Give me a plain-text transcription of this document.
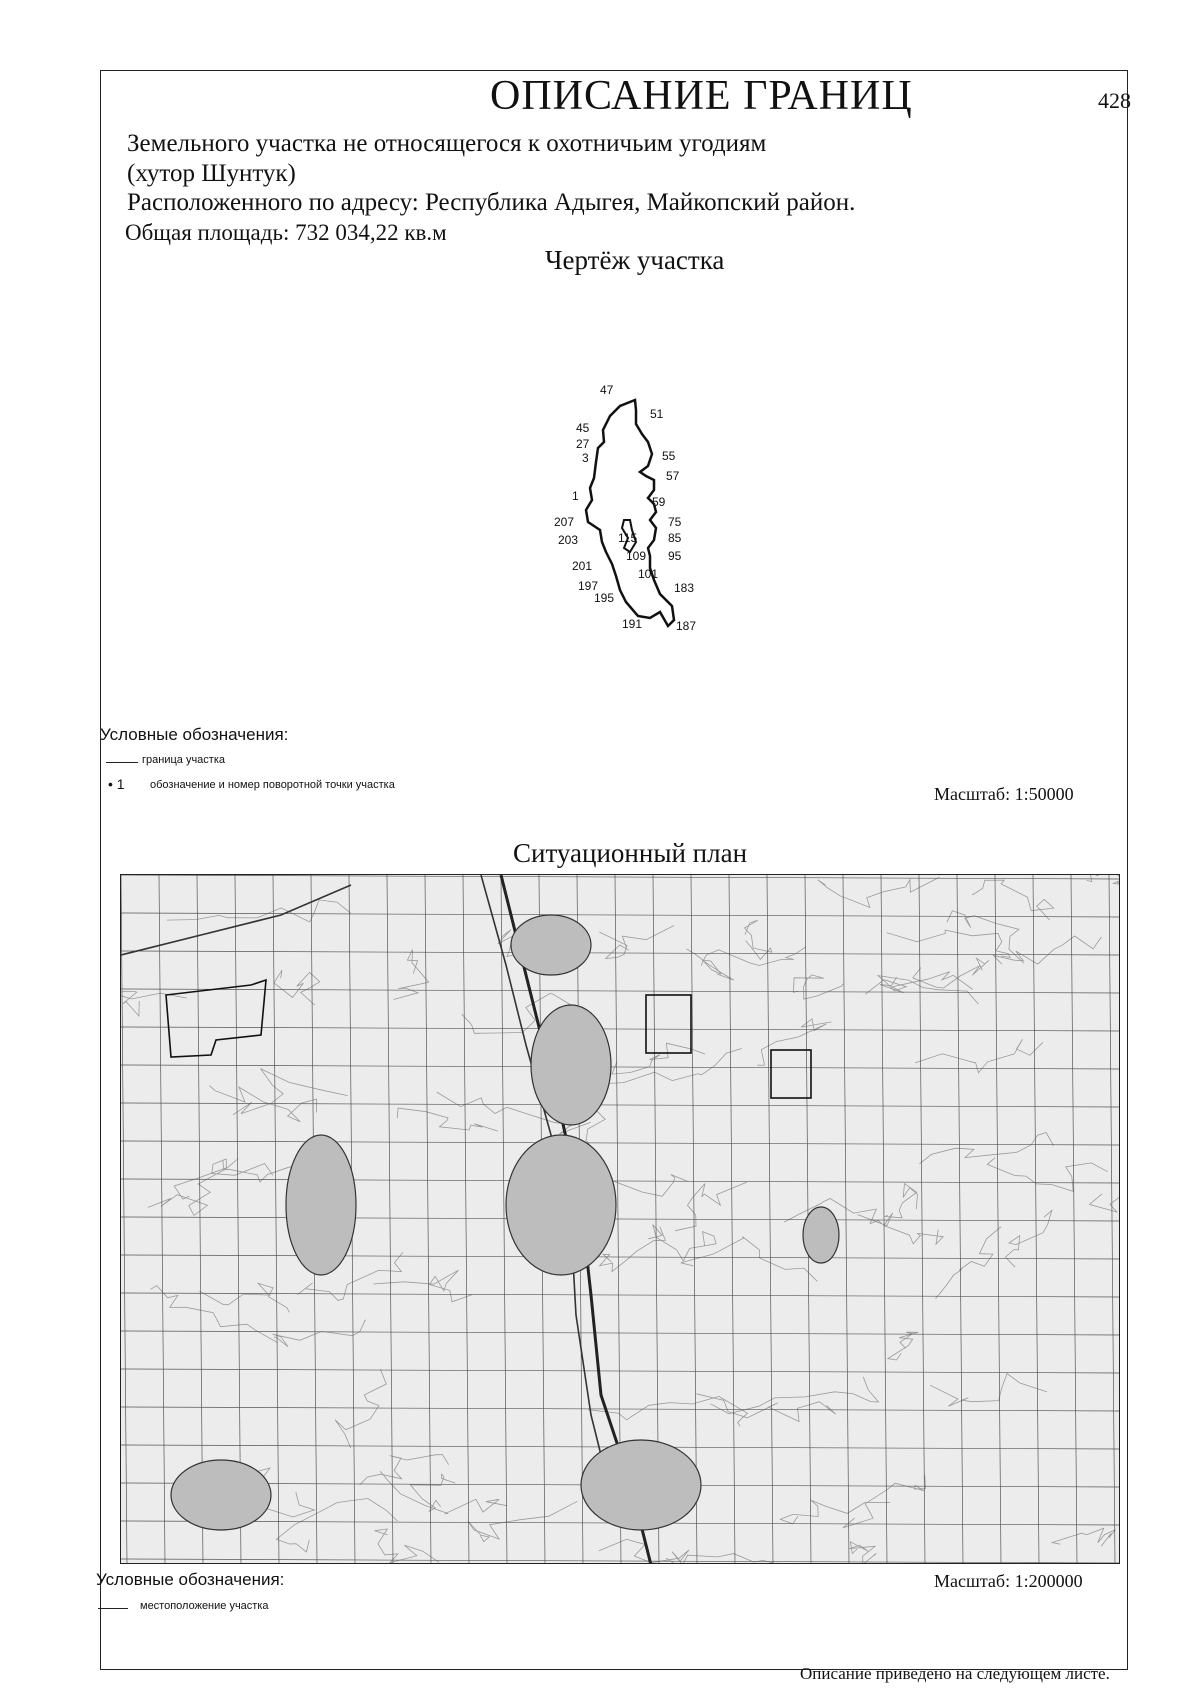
ОПИСАНИЕ ГРАНИЦ	428
Земельного участка не относящегося к охотничьим угодиям
(хутор Шунтук)
Расположенного по адресу: Республика Адыгея, Майкопский район.
Общая площадь: 732 034,22 кв.м
Чертёж участка
47
51
45
27
55
3
57
1	59
207	75
203	115	85
95
109
201
101
197	183
195
191	187
Условные обозначения:
граница участка
• 1 обозначение и номер поворотной точки участка	Масштаб: 1:50000
Ситуационный план
Условные обозначения:
местоположение участка
Масштаб: 1:200000
Описание приведено на следующем листе.
